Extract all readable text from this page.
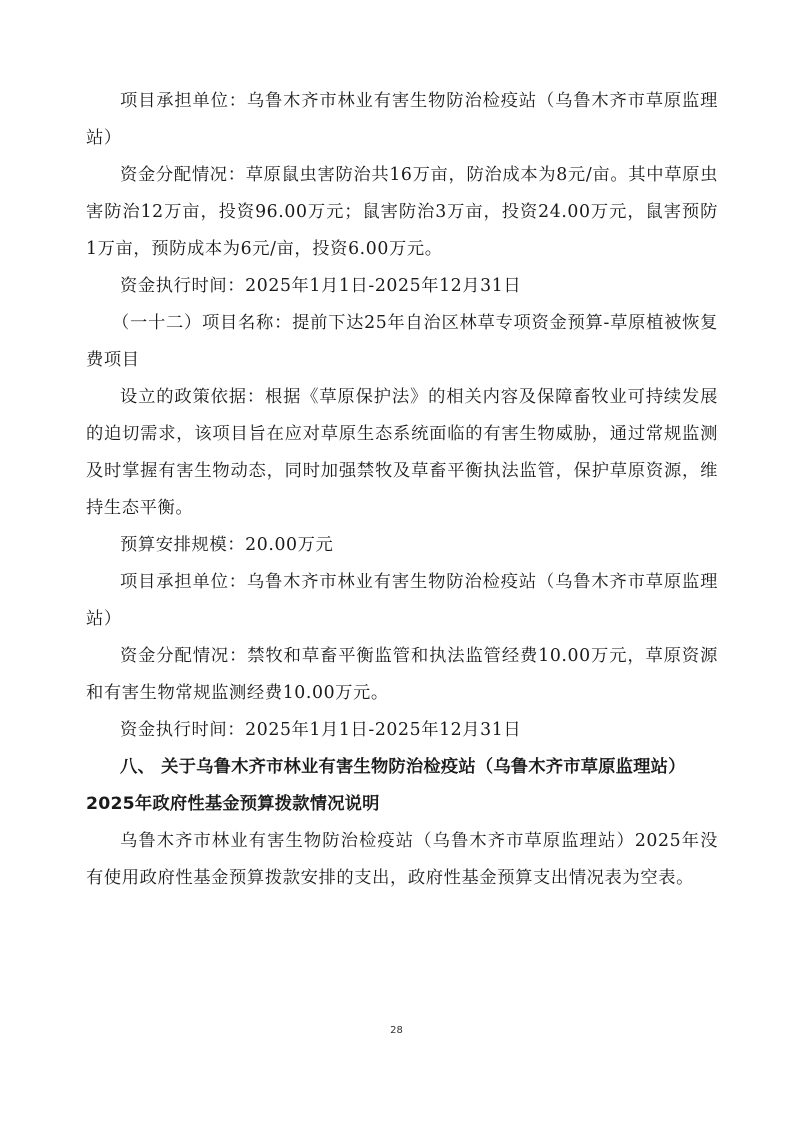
项目承担单位：乌鲁木齐市林业有害生物防治检疫站（乌鲁木齐市草原监理站）

资金分配情况：草原鼠虫害防治共16万亩，防治成本为8元/亩。其中草原虫害防治12万亩，投资96.00万元；鼠害防治3万亩，投资24.00万元，鼠害预防1万亩，预防成本为6元/亩，投资6.00万元。

资金执行时间：2025年1月1日-2025年12月31日

（一十二）项目名称：提前下达25年自治区林草专项资金预算-草原植被恢复费项目

设立的政策依据：根据《草原保护法》的相关内容及保障畜牧业可持续发展的迫切需求，该项目旨在应对草原生态系统面临的有害生物威胁，通过常规监测及时掌握有害生物动态，同时加强禁牧及草畜平衡执法监管，保护草原资源，维持生态平衡。

预算安排规模：20.00万元

项目承担单位：乌鲁木齐市林业有害生物防治检疫站（乌鲁木齐市草原监理站）

资金分配情况：禁牧和草畜平衡监管和执法监管经费10.00万元，草原资源和有害生物常规监测经费10.00万元。

资金执行时间：2025年1月1日-2025年12月31日

八、 关于乌鲁木齐市林业有害生物防治检疫站（乌鲁木齐市草原监理站）2025年政府性基金预算拨款情况说明

乌鲁木齐市林业有害生物防治检疫站（乌鲁木齐市草原监理站）2025年没有使用政府性基金预算拨款安排的支出，政府性基金预算支出情况表为空表。

28
